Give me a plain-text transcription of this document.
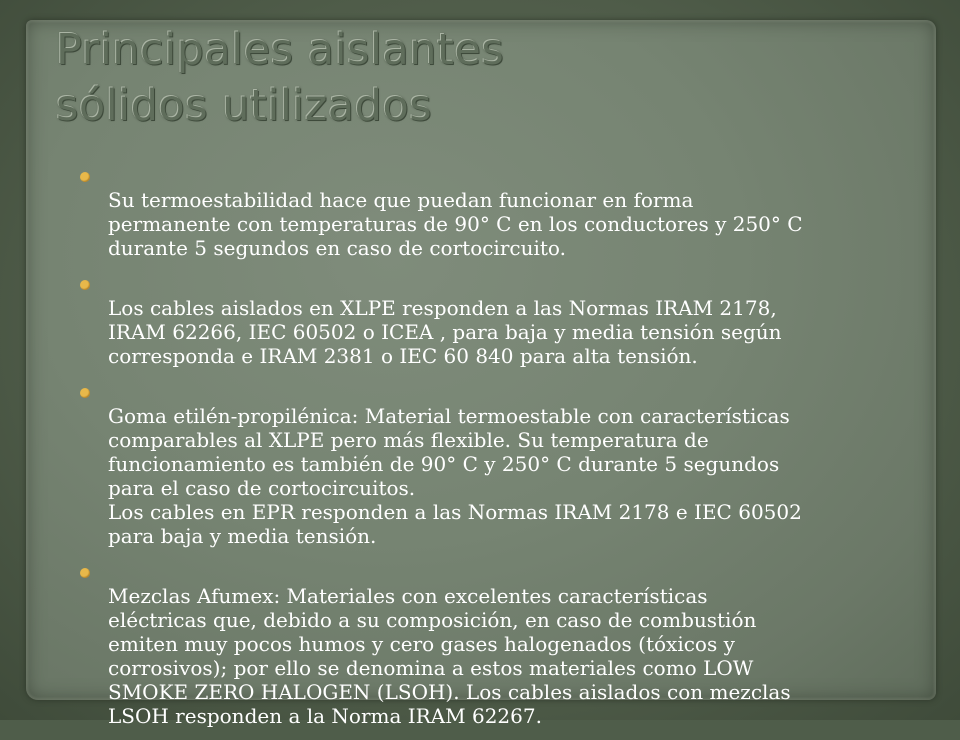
Principales aislantes
sólidos utilizados

Su termoestabilidad hace que puedan funcionar en forma
permanente con temperaturas de 90° C en los conductores y 250° C
durante 5 segundos en caso de cortocircuito.

Los cables aislados en XLPE responden a las Normas IRAM 2178,
IRAM 62266, IEC 60502 o ICEA , para baja y media tensión según
corresponda e IRAM 2381 o IEC 60 840 para alta tensión.

Goma etilén-propilénica: Material termoestable con características
comparables al XLPE pero más flexible. Su temperatura de
funcionamiento es también de 90° C y 250° C durante 5 segundos
para el caso de cortocircuitos.
Los cables en EPR responden a las Normas IRAM 2178 e IEC 60502
para baja y media tensión.

Mezclas Afumex: Materiales con excelentes características
eléctricas que, debido a su composición, en caso de combustión
emiten muy pocos humos y cero gases halogenados (tóxicos y
corrosivos); por ello se denomina a estos materiales como LOW
SMOKE ZERO HALOGEN (LSOH). Los cables aislados con mezclas
LSOH responden a la Norma IRAM 62267.
